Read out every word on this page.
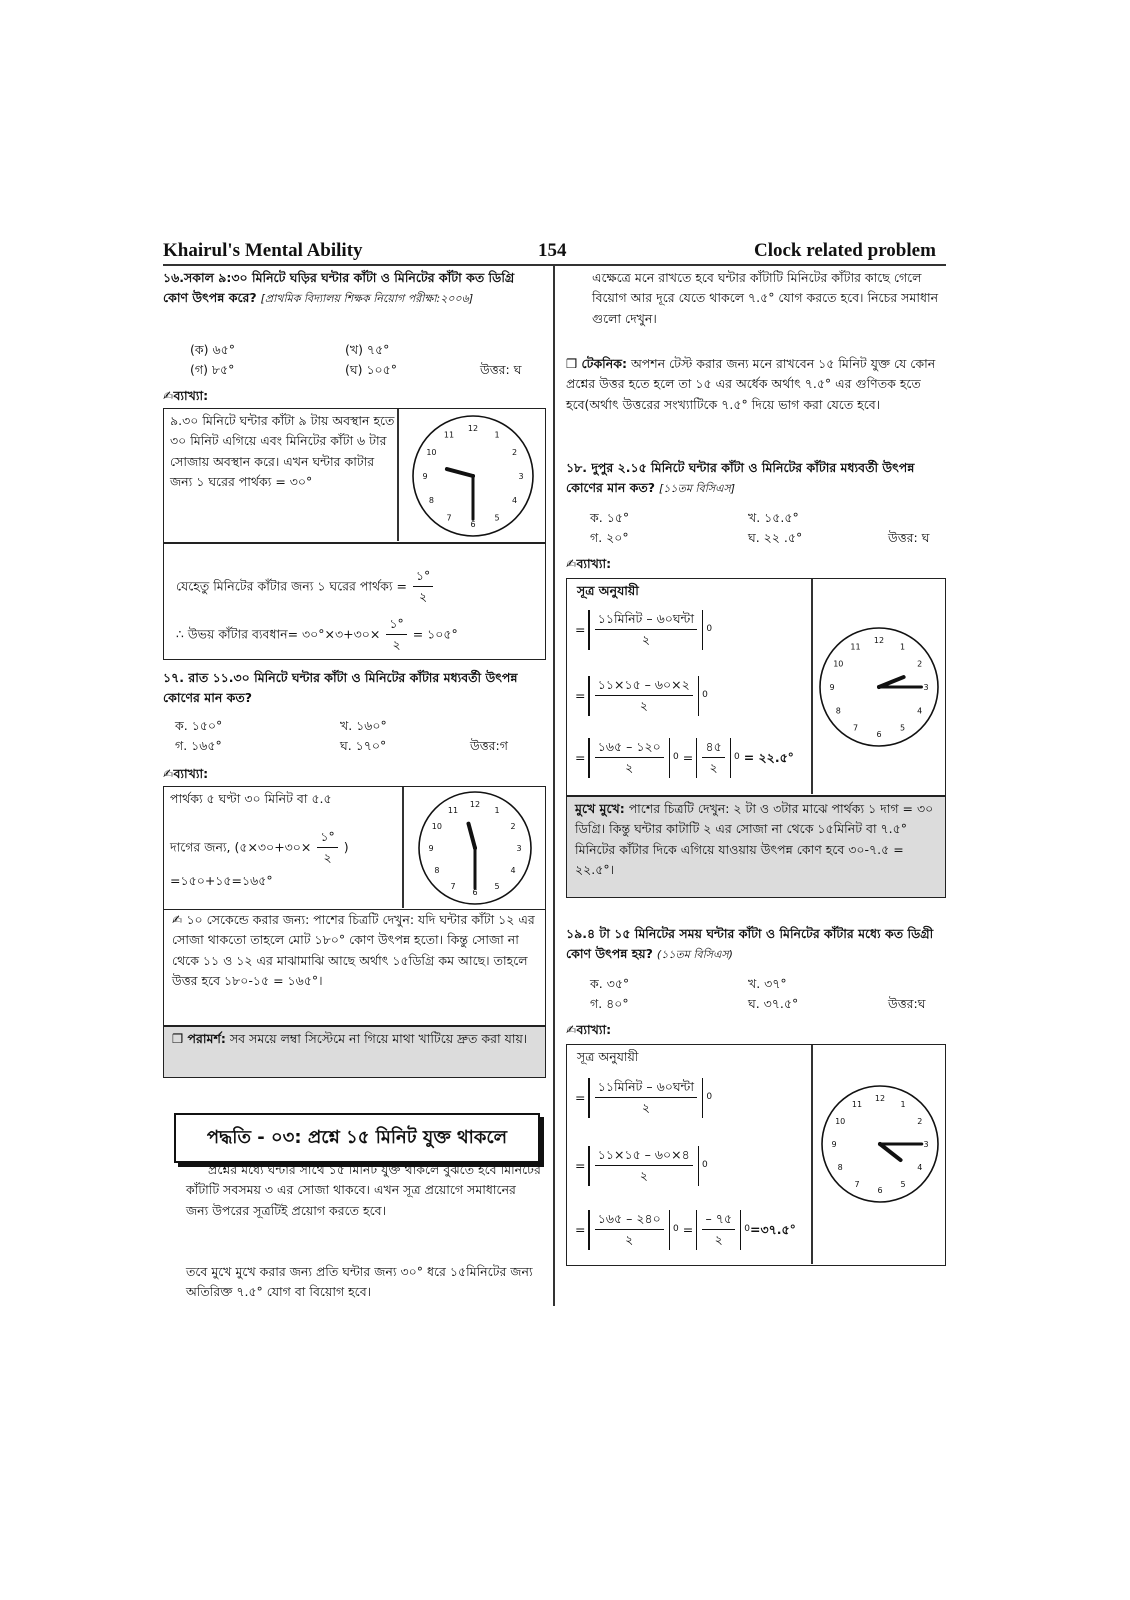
Khairul's Mental Ability	154	Clock related problem
১৬.সকাল ৯:৩০ মিনিটে ঘড়ির ঘন্টার কাঁটা ও মিনিটের কাঁটা কত ডিগ্রি কোণ উৎপন্ন করে? [প্রাথমিক বিদ্যালয় শিক্ষক নিয়োগ পরীক্ষা:২০০৬]
(ক) ৬৫°	(খ) ৭৫°
(গ) ৮৫°	(ঘ) ১০৫°	উত্তর: ঘ
✍ব্যাখ্যা:
৯.৩০ মিনিটে ঘন্টার কাঁটা ৯ টায় অবস্থান হতে ৩০ মিনিট এগিয়ে এবং মিনিটের কাঁটা ৬ টার সোজায় অবস্থান করে। এখন ঘন্টার কাটার জন্য ১ ঘরের পার্থক্য = ৩০°
12
1
2
3
4
5
6
7
8
9
10
11
যেহেতু মিনিটের কাঁটার জন্য ১ ঘরের পার্থক্য = $\frac{১^\circ}{২}$
∴ উভয় কাঁটার ব্যবধান= ৩০°×৩+৩০× $\frac{১^\circ}{২}$ = ১০৫°
১৭. রাত ১১.৩০ মিনিটে ঘন্টার কাঁটা ও মিনিটের কাঁটার মধ্যবর্তী উৎপন্ন কোণের মান কত?
ক. ১৫০°	খ. ১৬০°
গ. ১৬৫°	ঘ. ১৭০°	উত্তর:গ
✍ব্যাখ্যা:
পার্থক্য ৫ ঘণ্টা ৩০ মিনিট বা ৫.৫
দাগের জন্য, (৫×৩০+৩০× $\frac{১^\circ}{২}$ )
=১৫০+১৫=১৬৫°
12
1
2
3
4
5
6
7
8
9
10
11
✍ ১০ সেকেন্ডে করার জন্য: পাশের চিত্রটি দেখুন: যদি ঘন্টার কাঁটা ১২ এর সোজা থাকতো তাহলে মোট ১৮০° কোণ উৎপন্ন হতো। কিন্তু সোজা না থেকে ১১ ও ১২ এর মাঝামাঝি আছে অর্থাৎ ১৫ডিগ্রি কম আছে। তাহলে উত্তর হবে ১৮০-১৫ = ১৬৫°।
❒ পরামর্শ: সব সময়ে লম্বা সিস্টেমে না গিয়ে মাথা খাটিয়ে দ্রুত করা যায়।
পদ্ধতি - ০৩: প্রশ্নে ১৫ মিনিট যুক্ত থাকলে
প্রশ্নের মধ্যে ঘন্টার সাথে ১৫ মিনিট যুক্ত থাকলে বুঝতে হবে মিনিটের কাঁটাটি সবসময় ৩ এর সোজা থাকবে। এখন সূত্র প্রয়োগে সমাধানের জন্য উপরের সূত্রটিই প্রয়োগ করতে হবে।
তবে মুখে মুখে করার জন্য প্রতি ঘন্টার জন্য ৩০° ধরে ১৫মিনিটের জন্য অতিরিক্ত ৭.৫° যোগ বা বিয়োগ হবে।
এক্ষেত্রে মনে রাখতে হবে ঘন্টার কাঁটাটি মিনিটের কাঁটার কাছে গেলে বিয়োগ আর দূরে যেতে থাকলে ৭.৫° যোগ করতে হবে। নিচের সমাধান গুলো দেখুন।
❒ টেকনিক: অপশন টেস্ট করার জন্য মনে রাখবেন ১৫ মিনিট যুক্ত যে কোন প্রশ্নের উত্তর হতে হলে তা ১৫ এর অর্ধেক অর্থাৎ ৭.৫° এর গুণিতক হতে হবে(অর্থাৎ উত্তরের সংখ্যাটিকে ৭.৫° দিয়ে ভাগ করা যেতে হবে।
১৮. দুপুর ২.১৫ মিনিটে ঘন্টার কাঁটা ও মিনিটের কাঁটার মধ্যবর্তী উৎপন্ন কোণের মান কত? [১১তম বিসিএস]
ক. ১৫°	খ. ১৫.৫°
গ. ২০°	ঘ. ২২ .৫°	উত্তর: ঘ
✍ব্যাখ্যা:
সূত্র অনুযায়ী
= $\frac{\text{১১মিনিট – ৬০ঘন্টা}}{২} 0$
= $\frac{১১\times ১৫ - ৬০\times ২}{২} 0$
= $\frac{১৬৫ - ১২০}{২} 0 = \frac{৪৫}{২} 0$
= ২২.৫°
12
1
2
3
4
5
6
7
8
9
10
11
মুখে মুখে: পাশের চিত্রটি দেখুন: ২ টা ও ৩টার মাঝে পার্থক্য ১ দাগ = ৩০ ডিগ্রি। কিন্তু ঘন্টার কাটাটি ২ এর সোজা না থেকে ১৫মিনিট বা ৭.৫° মিনিটের কাঁটার দিকে এগিয়ে যাওয়ায় উৎপন্ন কোণ হবে ৩০-৭.৫ = ২২.৫°।
১৯.৪ টা ১৫ মিনিটের সময় ঘন্টার কাঁটা ও মিনিটের কাঁটার মধ্যে কত ডিগ্রী কোণ উৎপন্ন হয়? (১১তম বিসিএস)
ক. ৩৫°	খ. ৩৭°
গ. ৪০°	ঘ. ৩৭.৫°	উত্তর:ঘ
✍ব্যাখ্যা:
সূত্র অনুযায়ী
= $\frac{\text{১১মিনিট – ৬০ঘন্টা}}{২} 0$
= $\frac{১১\times ১৫ - ৬০\times ৪}{২} 0$
= $\frac{১৬৫ - ২৪০}{২} 0 = \frac{- ৭৫}{২} 0$ =৩৭.৫°
12
1
2
3
4
5
6
7
8
9
10
11
